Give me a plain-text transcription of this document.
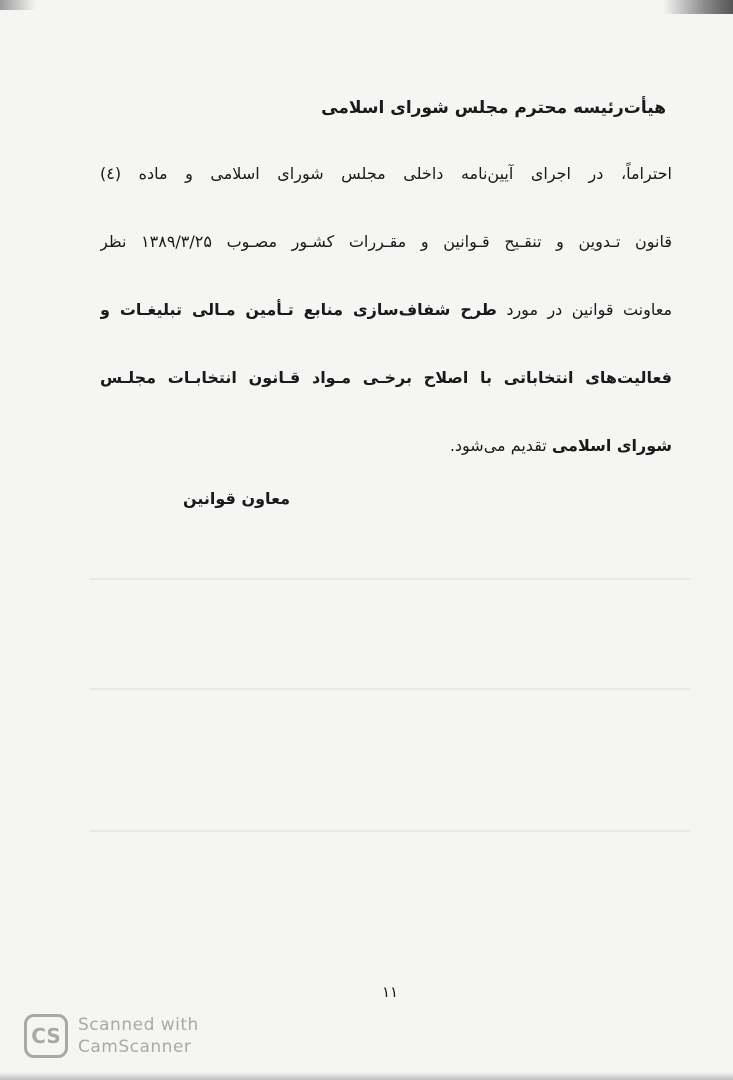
هیأت‌رئیسه محترم مجلس شورای اسلامی

احتراماً، در اجرای آیین‌نامه داخلی مجلس شورای اسلامی و ماده (٤)
قانون تـدوین و تنقـیح قـوانین و مقـررات کشـور مصـوب ۱۳۸۹/۳/۲۵ نظر
معاونت قوانین در مورد طرح شفاف‌سازی منابع تـأمین مـالی تبلیغـات و
فعالیت‌های انتخاباتی با اصلاح برخـی مـواد قـانون انتخابـات مجلـس
شورای اسلامی تقدیم می‌شود.

معاون قوانین

۱۱
CS	Scanned with
CamScanner
